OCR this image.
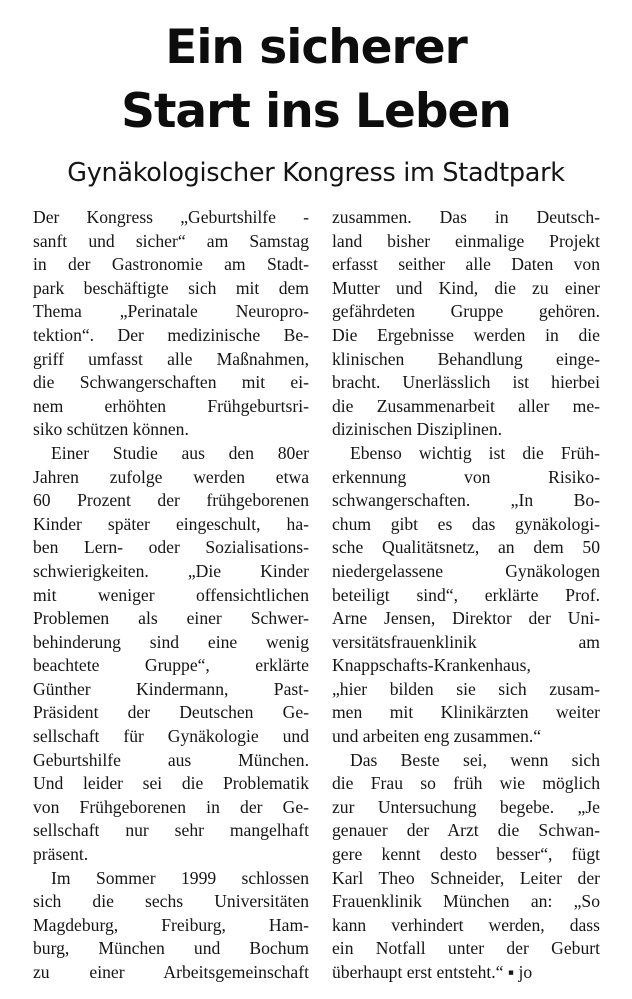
Ein sicherer
Start ins Leben
Gynäkologischer Kongress im Stadtpark
Der Kongress „Geburtshilfe -
sanft und sicher“ am Samstag
in der Gastronomie am Stadt-
park beschäftigte sich mit dem
Thema „Perinatale Neuropro-
tektion“. Der medizinische Be-
griff umfasst alle Maßnahmen,
die Schwangerschaften mit ei-
nem erhöhten Frühgeburtsri-
siko schützen können.
Einer Studie aus den 80er
Jahren zufolge werden etwa
60 Prozent der frühgeborenen
Kinder später eingeschult, ha-
ben Lern- oder Sozialisations-
schwierigkeiten. „Die Kinder
mit weniger offensichtlichen
Problemen als einer Schwer-
behinderung sind eine wenig
beachtete Gruppe“, erklärte
Günther Kindermann, Past-
Präsident der Deutschen Ge-
sellschaft für Gynäkologie und
Geburtshilfe aus München.
Und leider sei die Problematik
von Frühgeborenen in der Ge-
sellschaft nur sehr mangelhaft
präsent.
Im Sommer 1999 schlossen
sich die sechs Universitäten
Magdeburg, Freiburg, Ham-
burg, München und Bochum
zu einer Arbeitsgemeinschaft
zusammen. Das in Deutsch-
land bisher einmalige Projekt
erfasst seither alle Daten von
Mutter und Kind, die zu einer
gefährdeten Gruppe gehören.
Die Ergebnisse werden in die
klinischen Behandlung einge-
bracht. Unerlässlich ist hierbei
die Zusammenarbeit aller me-
dizinischen Disziplinen.
Ebenso wichtig ist die Früh-
erkennung von Risiko-
schwangerschaften. „In Bo-
chum gibt es das gynäkologi-
sche Qualitätsnetz, an dem 50
niedergelassene Gynäkologen
beteiligt sind“, erklärte Prof.
Arne Jensen, Direktor der Uni-
versitätsfrauenklinik am
Knappschafts-Krankenhaus,
„hier bilden sie sich zusam-
men mit Klinikärzten weiter
und arbeiten eng zusammen.“
Das Beste sei, wenn sich
die Frau so früh wie möglich
zur Untersuchung begebe. „Je
genauer der Arzt die Schwan-
gere kennt desto besser“, fügt
Karl Theo Schneider, Leiter der
Frauenklinik München an: „So
kann verhindert werden, dass
ein Notfall unter der Geburt
überhaupt erst entsteht.“ ▪ jo
